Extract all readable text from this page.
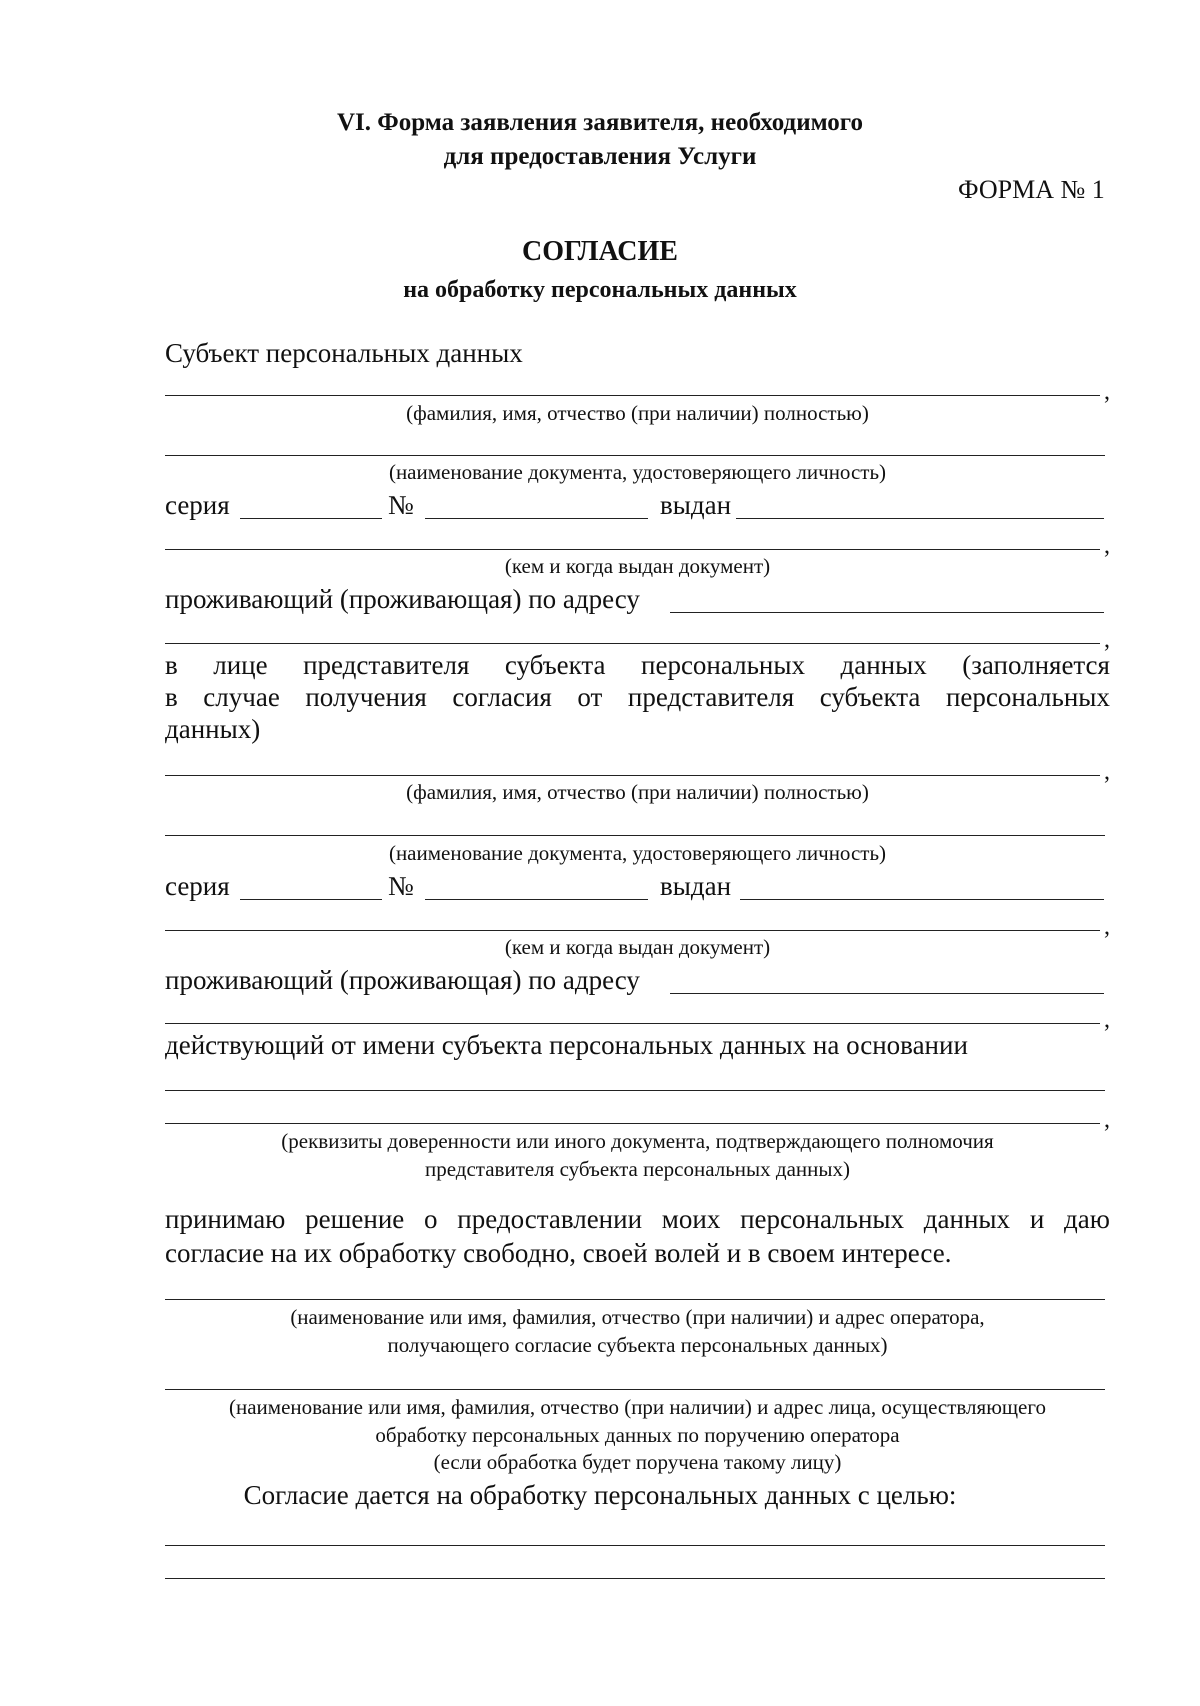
VI. Форма заявления заявителя, необходимого
для предоставления Услуги
ФОРМА № 1
СОГЛАСИЕ
на обработку персональных данных
Субъект персональных данных
,
(фамилия, имя, отчество (при наличии) полностью)
(наименование документа, удостоверяющего личность)
серия	№	выдан
,
(кем и когда выдан документ)
проживающий (проживающая) по адресу
,
в лице представителя субъекта персональных данных (заполняется
в случае получения согласия от представителя субъекта персональных
данных)
,
(фамилия, имя, отчество (при наличии) полностью)
(наименование документа, удостоверяющего личность)
серия	№	выдан
,
(кем и когда выдан документ)
проживающий (проживающая) по адресу
,
действующий от имени субъекта персональных данных на основании
,
(реквизиты доверенности или иного документа, подтверждающего полномочия
представителя субъекта персональных данных)
принимаю решение о предоставлении моих персональных данных и даю
согласие на их обработку свободно, своей волей и в своем интересе.
(наименование или имя, фамилия, отчество (при наличии) и адрес оператора,
получающего согласие субъекта персональных данных)
(наименование или имя, фамилия, отчество (при наличии) и адрес лица, осуществляющего
обработку персональных данных по поручению оператора
(если обработка будет поручена такому лицу)
Согласие дается на обработку персональных данных с целью:
